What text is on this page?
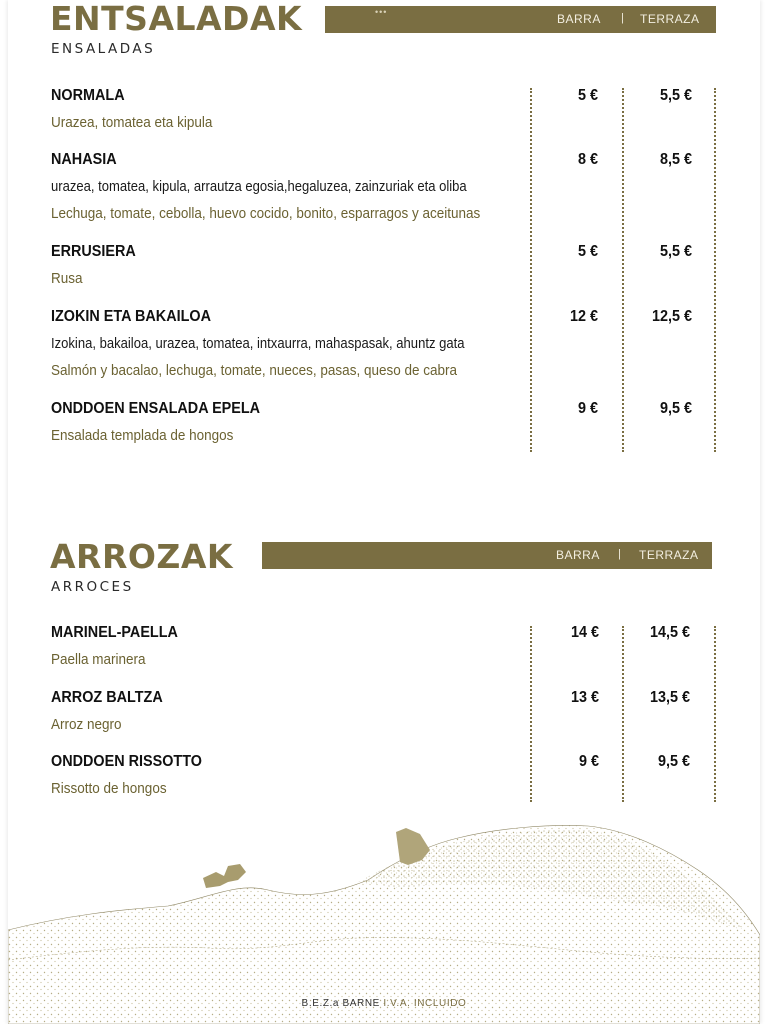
ENTSALADAK
ENSALADAS
•••	BARRA | TERRAZA
NORMALA	5 €	5,5 €
Urazea, tomatea eta kipula
NAHASIA	8 €	8,5 €
urazea, tomatea, kipula, arrautza egosia,hegaluzea, zainzuriak eta oliba
Lechuga, tomate, cebolla, huevo cocido, bonito, esparragos y aceitunas
ERRUSIERA	5 €	5,5 €
Rusa
IZOKIN ETA BAKAILOA	12 €	12,5 €
Izokina, bakailoa, urazea, tomatea, intxaurra, mahaspasak, ahuntz gata
Salmón y bacalao, lechuga, tomate, nueces, pasas, queso de cabra
ONDDOEN ENSALADA EPELA	9 €	9,5 €
Ensalada templada de hongos
ARROZAK
ARROCES
BARRA | TERRAZA
MARINEL-PAELLA	14 €	14,5 €
Paella marinera
ARROZ BALTZA	13 €	13,5 €
Arroz negro
ONDDOEN RISSOTTO	9 €	9,5 €
Rissotto de hongos
B.E.Z.a BARNE I.V.A. INCLUIDO
